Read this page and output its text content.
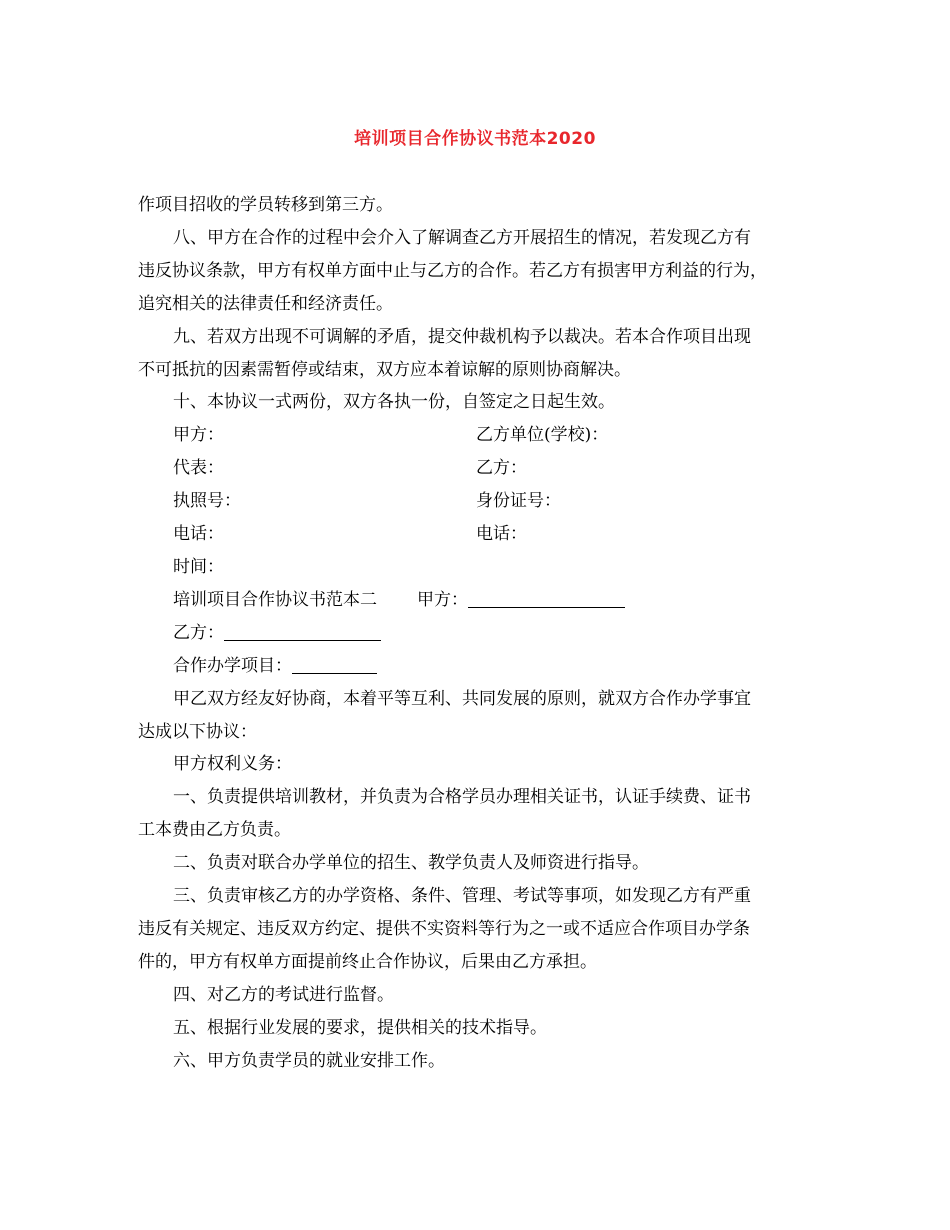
培训项目合作协议书范本2020

作项目招收的学员转移到第三方。

八、甲方在合作的过程中会介入了解调查乙方开展招生的情况，若发现乙方有

违反协议条款，甲方有权单方面中止与乙方的合作。若乙方有损害甲方利益的行为，

追究相关的法律责任和经济责任。

九、若双方出现不可调解的矛盾，提交仲裁机构予以裁决。若本合作项目出现

不可抵抗的因素需暂停或结束，双方应本着谅解的原则协商解决。

十、本协议一式两份，双方各执一份，自签定之日起生效。

甲方：	乙方单位(学校)：
代表：	乙方：
执照号：	身份证号：
电话：	电话：

时间：

培训项目合作协议书范本二 甲方：

乙方：

合作办学项目：

甲乙双方经友好协商，本着平等互利、共同发展的原则，就双方合作办学事宜

达成以下协议：

甲方权利义务：

一、负责提供培训教材，并负责为合格学员办理相关证书，认证手续费、证书

工本费由乙方负责。

二、负责对联合办学单位的招生、教学负责人及师资进行指导。

三、负责审核乙方的办学资格、条件、管理、考试等事项，如发现乙方有严重

违反有关规定、违反双方约定、提供不实资料等行为之一或不适应合作项目办学条

件的，甲方有权单方面提前终止合作协议，后果由乙方承担。

四、对乙方的考试进行监督。

五、根据行业发展的要求，提供相关的技术指导。

六、甲方负责学员的就业安排工作。
